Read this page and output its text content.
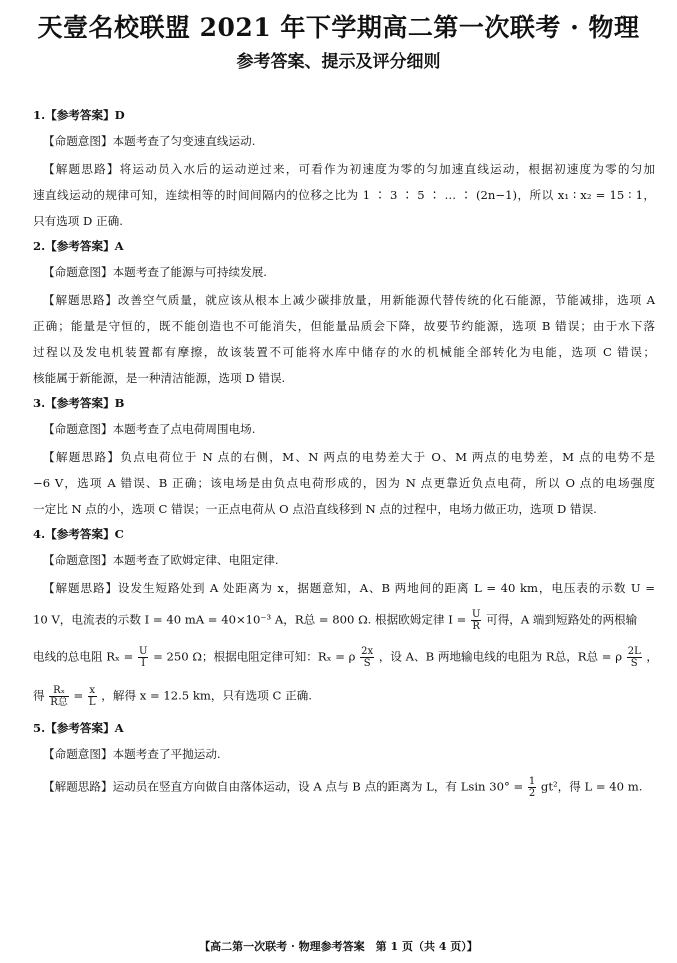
天壹名校联盟 2021 年下学期高二第一次联考 · 物理
参考答案、提示及评分细则

1.【参考答案】D

【命题意图】本题考查了匀变速直线运动.

【解题思路】将运动员入水后的运动逆过来，可看作为初速度为零的匀加速直线运动，根据初速度为零的匀加

速直线运动的规律可知，连续相等的时间间隔内的位移之比为 1 ∶ 3 ∶ 5 ∶ … ∶ (2n−1)，所以 x₁ ∶ x₂ = 15 ∶ 1，

只有选项 D 正确.

2.【参考答案】A

【命题意图】本题考查了能源与可持续发展.

【解题思路】改善空气质量，就应该从根本上减少碳排放量，用新能源代替传统的化石能源，节能减排，选项 A

正确；能量是守恒的，既不能创造也不可能消失，但能量品质会下降，故要节约能源，选项 B 错误；由于水下落

过程以及发电机装置都有摩擦，故该装置不可能将水库中储存的水的机械能全部转化为电能，选项 C 错误；

核能属于新能源，是一种清洁能源，选项 D 错误.

3.【参考答案】B

【命题意图】本题考查了点电荷周围电场.

【解题思路】负点电荷位于 N 点的右侧，M、N 两点的电势差大于 O、M 两点的电势差，M 点的电势不是

−6 V，选项 A 错误、B 正确；该电场是由负点电荷形成的，因为 N 点更靠近负点电荷，所以 O 点的电场强度

一定比 N 点的小，选项 C 错误；一正点电荷从 O 点沿直线移到 N 点的过程中，电场力做正功，选项 D 错误.

4.【参考答案】C

【命题意图】本题考查了欧姆定律、电阻定律.

【解题思路】设发生短路处到 A 处距离为 x，据题意知，A、B 两地间的距离 L = 40 km，电压表的示数 U =

10 V，电流表的示数 I = 40 mA = 40×10⁻³ A，R总 = 800 Ω. 根据欧姆定律 $I = \frac{U}{R}$ 可得，A 端到短路处的两根输

电线的总电阻 $R_x = \frac{U}{I} = 250$ Ω；根据电阻定律可知：Rₓ = ρ $\frac{2x}{S}$ ，设 A、B 两地输电线的电阻为 R总，R总 = ρ $\frac{2L}{S}$ ，

得 $\frac{\text{Rₓ}}{\text{R总}} = \frac{x}{L}$ ，解得 x = 12.5 km，只有选项 C 正确.

5.【参考答案】A

【命题意图】本题考查了平抛运动.

【解题思路】运动员在竖直方向做自由落体运动，设 A 点与 B 点的距离为 L，有 Lsin $30^\circ = \frac{1}{2} gt^2$，得 L = 40 m.

【高二第一次联考 · 物理参考答案　第 1 页（共 4 页）】
